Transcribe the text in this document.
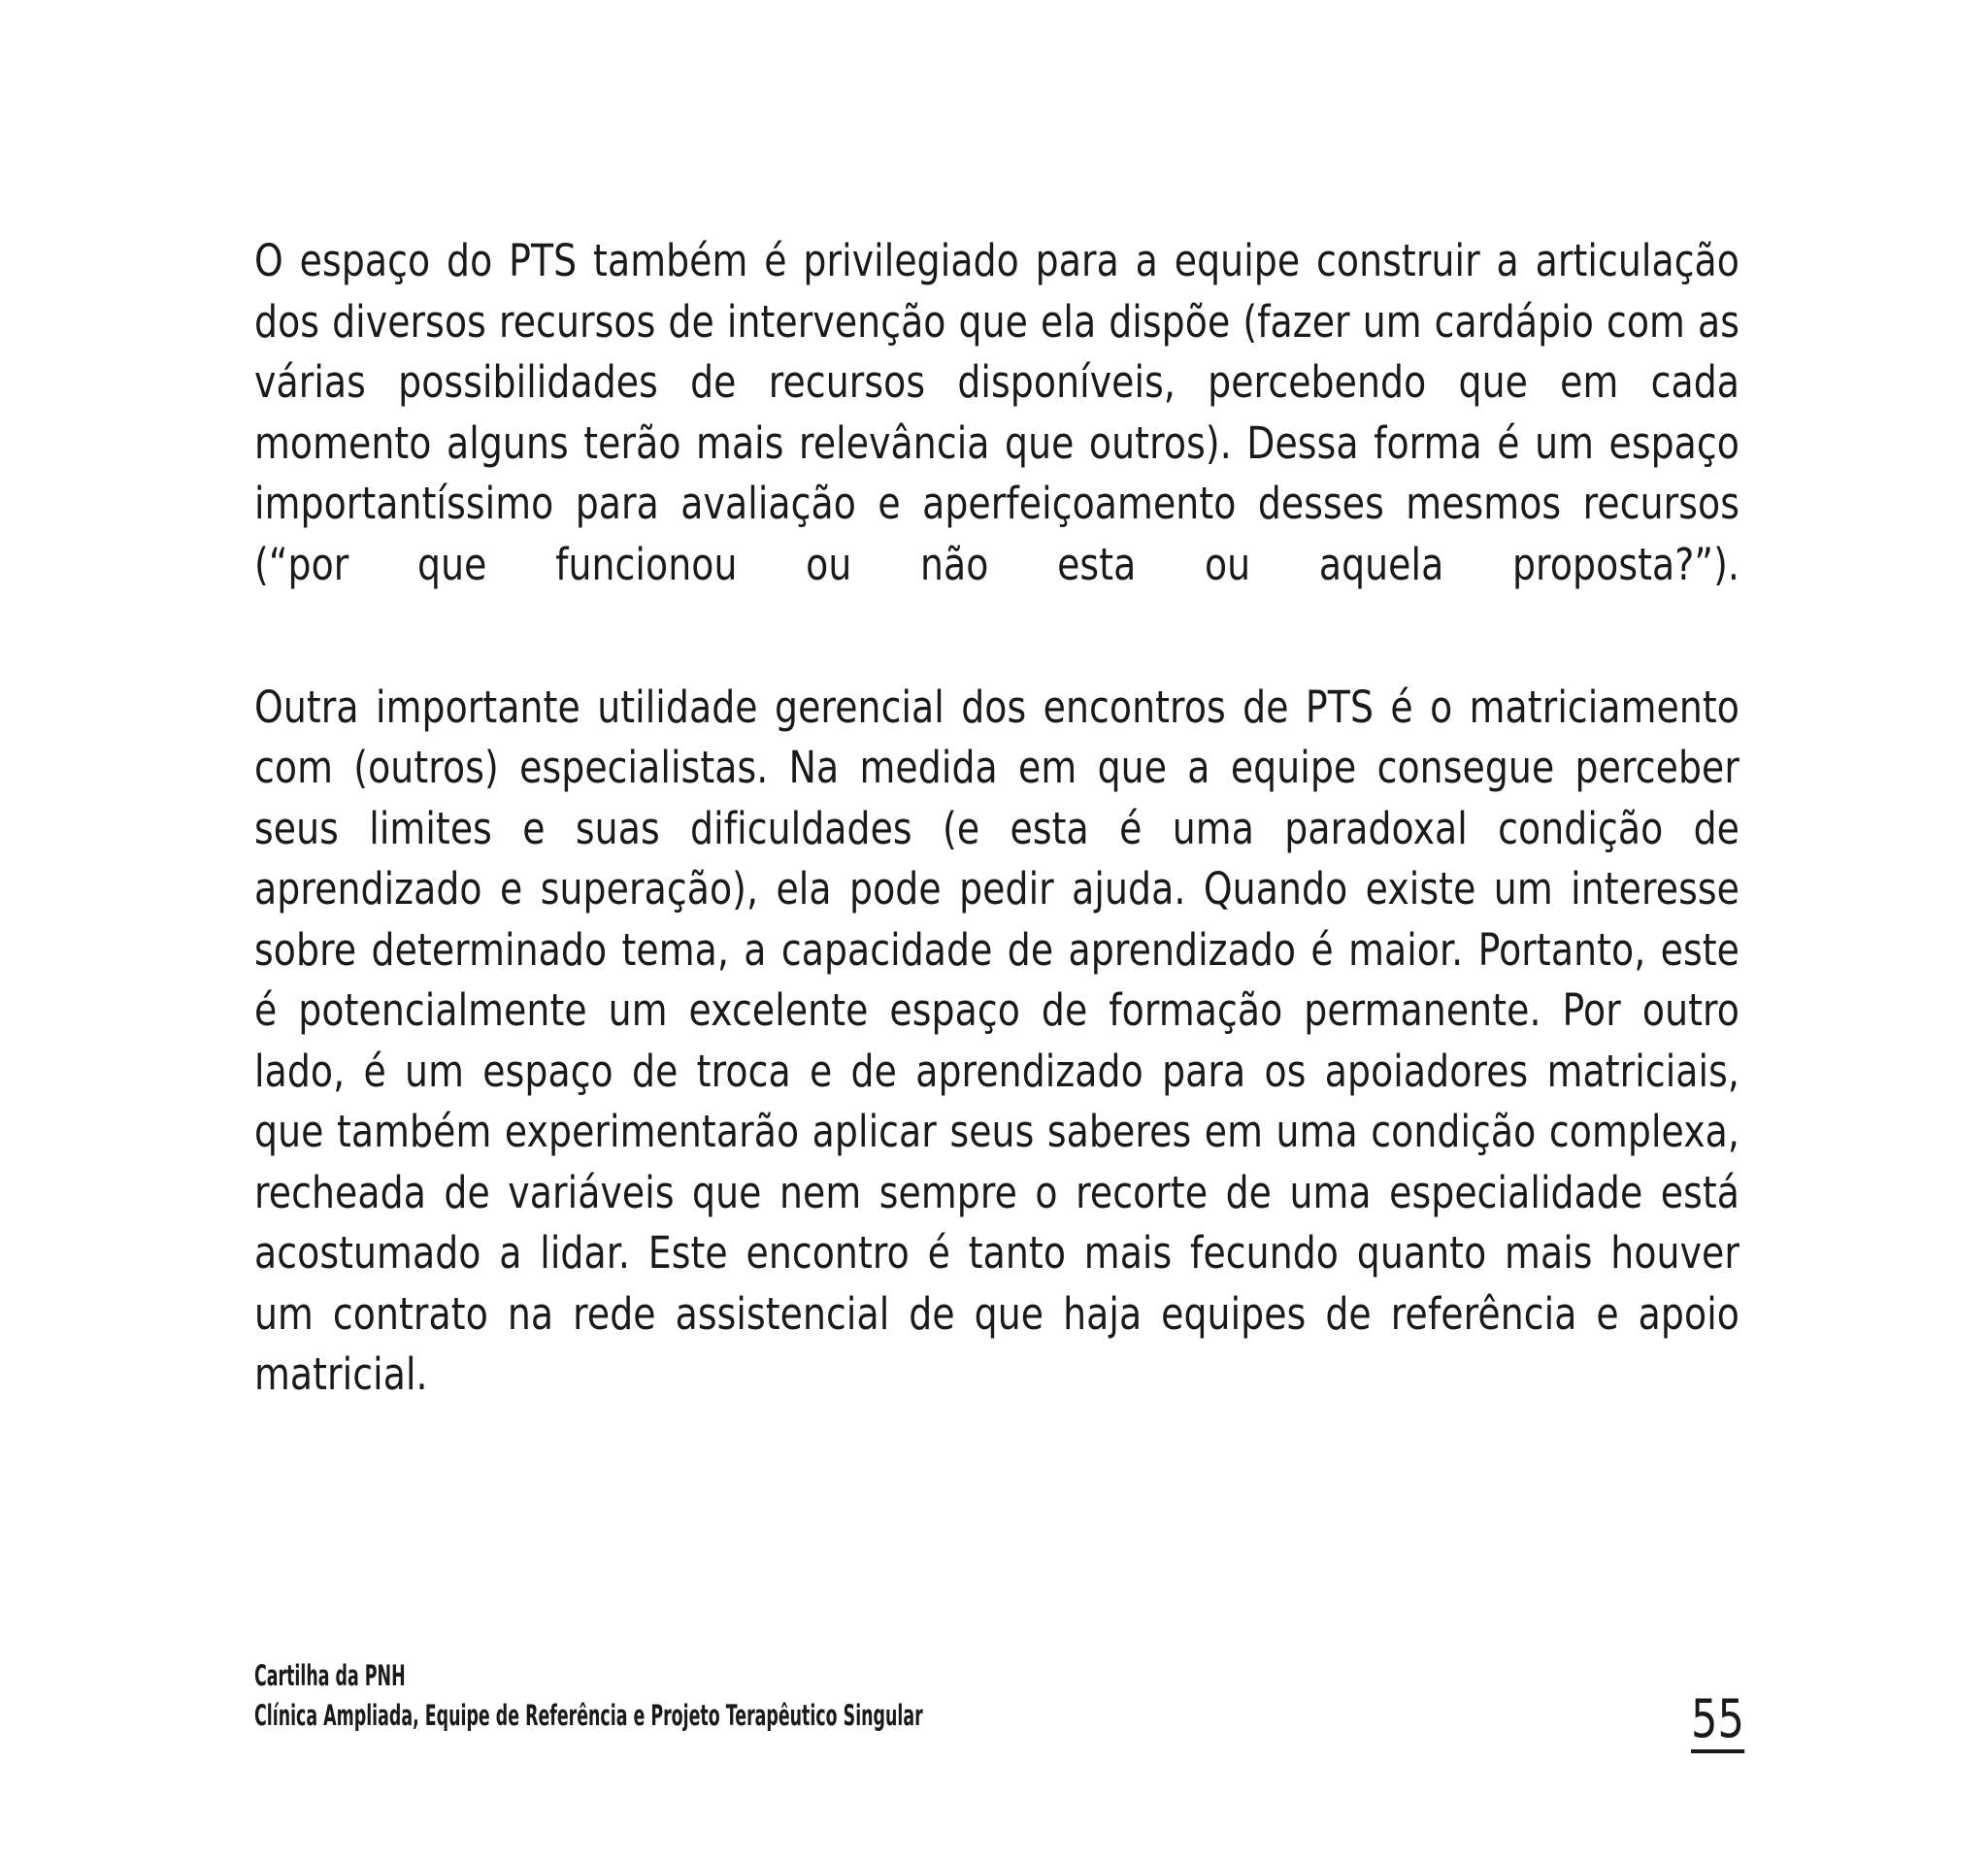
O espaço do PTS também é privilegiado para a equipe construir a articulação dos diversos recursos de intervenção que ela dispõe (fazer um cardápio com as várias possibilidades de recursos disponíveis, percebendo que em cada momento alguns terão mais relevância que outros). Dessa forma é um espaço importantíssimo para avaliação e aperfeiçoamento desses mesmos recursos (“por que funcionou ou não esta ou aquela proposta?”).

Outra importante utilidade gerencial dos encontros de PTS é o matriciamento com (outros) especialistas. Na medida em que a equipe consegue perceber seus limites e suas dificuldades (e esta é uma paradoxal condição de aprendizado e superação), ela pode pedir ajuda. Quando existe um interesse sobre determinado tema, a capacidade de aprendizado é maior. Portanto, este é potencialmente um excelente espaço de formação permanente. Por outro lado, é um espaço de troca e de aprendizado para os apoiadores matriciais, que também experimentarão aplicar seus saberes em uma condição complexa, recheada de variáveis que nem sempre o recorte de uma especialidade está acostumado a lidar. Este encontro é tanto mais fecundo quanto mais houver um contrato na rede assistencial de que haja equipes de referência e apoio matricial.

Cartilha da PNH
Clínica Ampliada, Equipe de Referência e Projeto Terapêutico Singular	55
